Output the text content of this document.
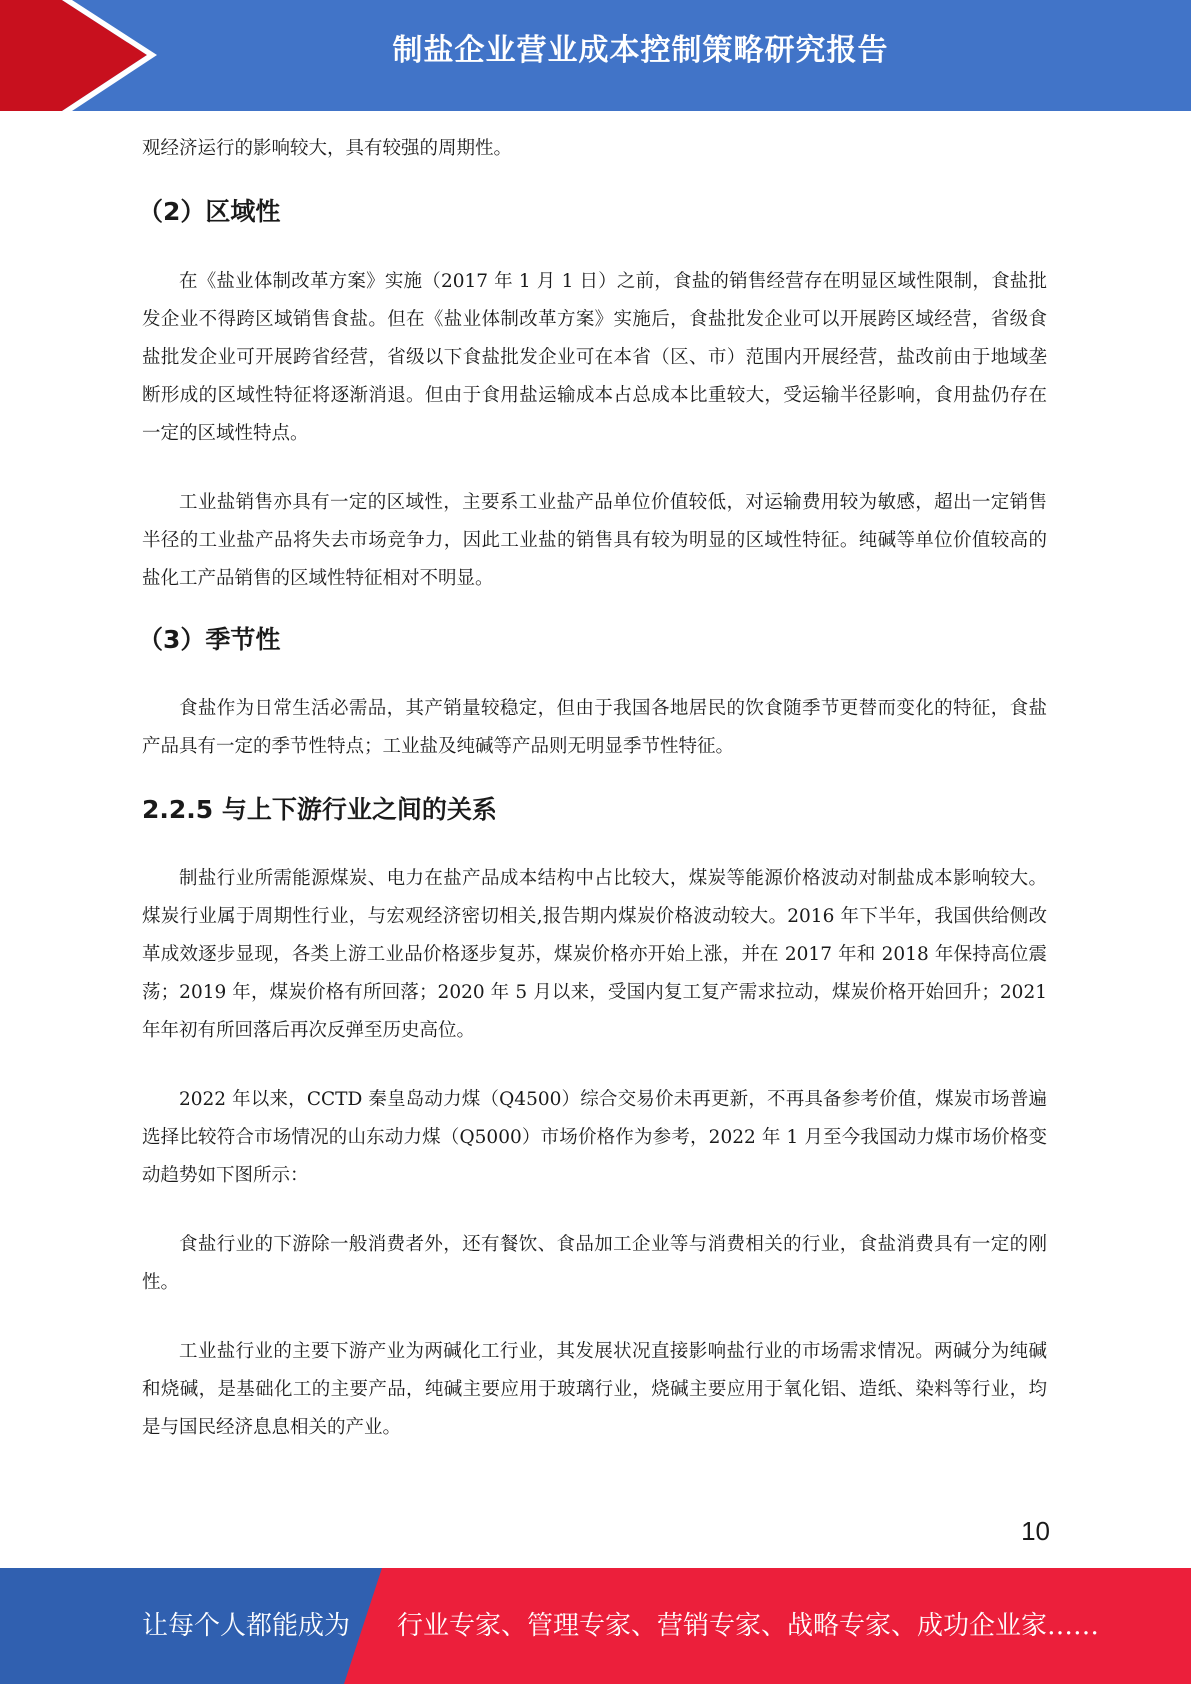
制盐企业营业成本控制策略研究报告

观经济运行的影响较大，具有较强的周期性。

（2）区域性

在《盐业体制改革方案》实施（2017 年 1 月 1 日）之前，食盐的销售经营存在明显区域性限制，食盐批发企业不得跨区域销售食盐。但在《盐业体制改革方案》实施后，食盐批发企业可以开展跨区域经营，省级食盐批发企业可开展跨省经营，省级以下食盐批发企业可在本省（区、市）范围内开展经营，盐改前由于地域垄断形成的区域性特征将逐渐消退。但由于食用盐运输成本占总成本比重较大，受运输半径影响，食用盐仍存在一定的区域性特点。

工业盐销售亦具有一定的区域性，主要系工业盐产品单位价值较低，对运输费用较为敏感，超出一定销售半径的工业盐产品将失去市场竞争力，因此工业盐的销售具有较为明显的区域性特征。纯碱等单位价值较高的盐化工产品销售的区域性特征相对不明显。

（3）季节性

食盐作为日常生活必需品，其产销量较稳定，但由于我国各地居民的饮食随季节更替而变化的特征，食盐产品具有一定的季节性特点；工业盐及纯碱等产品则无明显季节性特征。

2.2.5 与上下游行业之间的关系

制盐行业所需能源煤炭、电力在盐产品成本结构中占比较大，煤炭等能源价格波动对制盐成本影响较大。煤炭行业属于周期性行业，与宏观经济密切相关,报告期内煤炭价格波动较大。2016 年下半年，我国供给侧改革成效逐步显现，各类上游工业品价格逐步复苏，煤炭价格亦开始上涨，并在 2017 年和 2018 年保持高位震荡；2019 年，煤炭价格有所回落；2020 年 5 月以来，受国内复工复产需求拉动，煤炭价格开始回升；2021 年年初有所回落后再次反弹至历史高位。

2022 年以来，CCTD 秦皇岛动力煤（Q4500）综合交易价未再更新，不再具备参考价值，煤炭市场普遍选择比较符合市场情况的山东动力煤（Q5000）市场价格作为参考，2022 年 1 月至今我国动力煤市场价格变动趋势如下图所示：

食盐行业的下游除一般消费者外，还有餐饮、食品加工企业等与消费相关的行业，食盐消费具有一定的刚性。

工业盐行业的主要下游产业为两碱化工行业，其发展状况直接影响盐行业的市场需求情况。两碱分为纯碱和烧碱，是基础化工的主要产品，纯碱主要应用于玻璃行业，烧碱主要应用于氧化铝、造纸、染料等行业，均是与国民经济息息相关的产业。

10
让每个人都能成为 行业专家、管理专家、营销专家、战略专家、成功企业家……
